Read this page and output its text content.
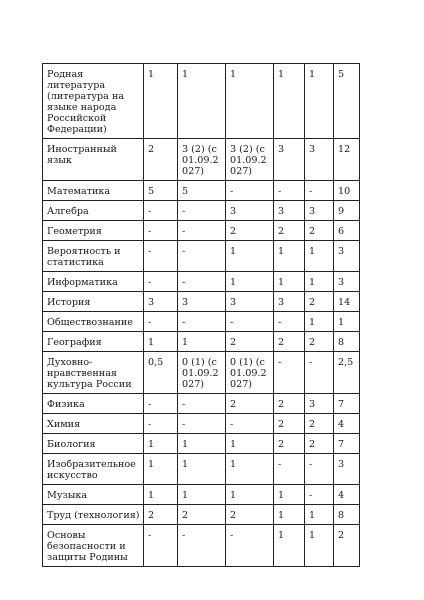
Родная литература (литература на языке народа Российской Федерации)	1	1	1	1	1	5
Иностранный язык	2	3 (2) (с 01.09.2027)	3 (2) (с 01.09.2027)	3	3	12
Математика	5	5	-	-	-	10
Алгебра	-	-	3	3	3	9
Геометрия	-	-	2	2	2	6
Вероятность и статистика	-	-	1	1	1	3
Информатика	-	-	1	1	1	3
История	3	3	3	3	2	14
Обществознание	-	-	-	-	1	1
География	1	1	2	2	2	8
Духовно-нравственная культура России	0,5	0 (1) (с 01.09.2027)	0 (1) (с 01.09.2027)	-	-	2,5
Физика	-	-	2	2	3	7
Химия	-	-	-	2	2	4
Биология	1	1	1	2	2	7
Изобразительное искусство	1	1	1	-	-	3
Музыка	1	1	1	1	-	4
Труд (технология)	2	2	2	1	1	8
Основы безопасности и защиты Родины	-	-	-	1	1	2
